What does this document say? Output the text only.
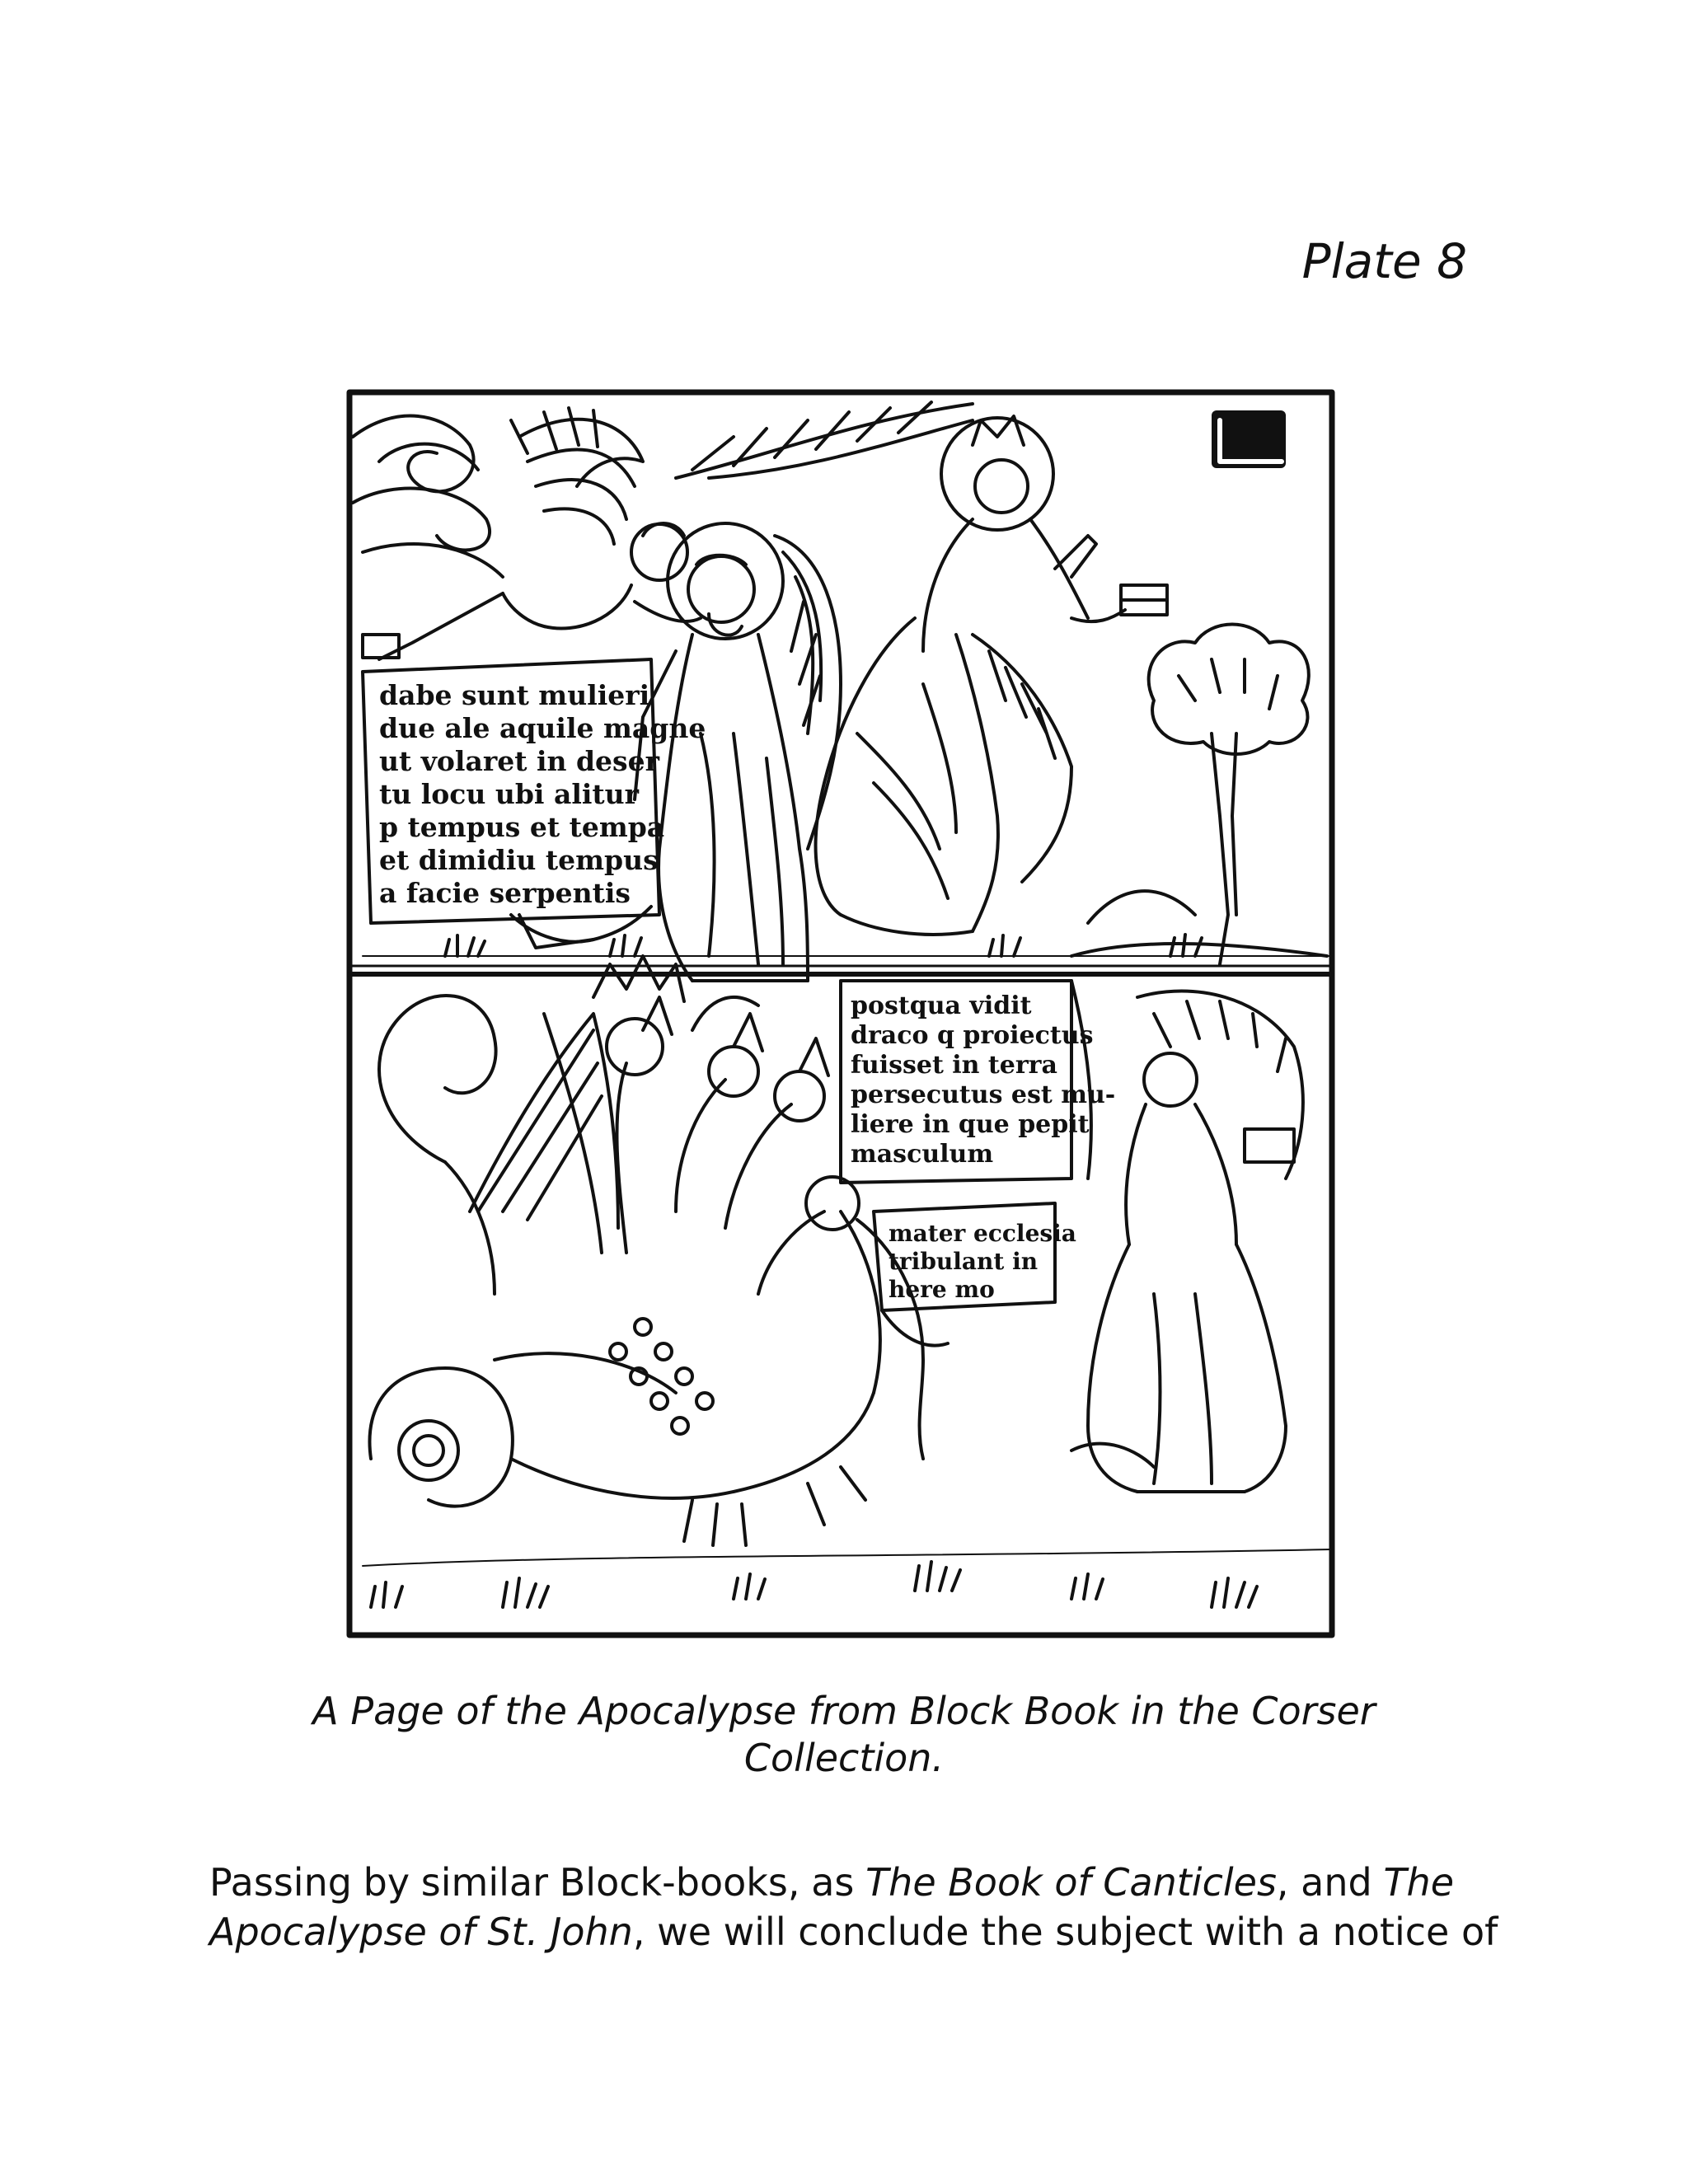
Plate 8
dabe sunt mulieri
due ale aquile magne
ut volaret in deser
tu locu ubi alitur
p tempus et tempa
et dimidiu tempus
a facie serpentis
postqua vidit
draco q proiectus
fuisset in terra
persecutus est mu-
liere in que pepit
masculum
mater ecclesia
tribulant in
here mo
A Page of the Apocalypse from Block Book in the Corser
Collection.
Passing by similar Block-books, as The Book of Canticles, and The
Apocalypse of St. John, we will conclude the subject with a notice of
